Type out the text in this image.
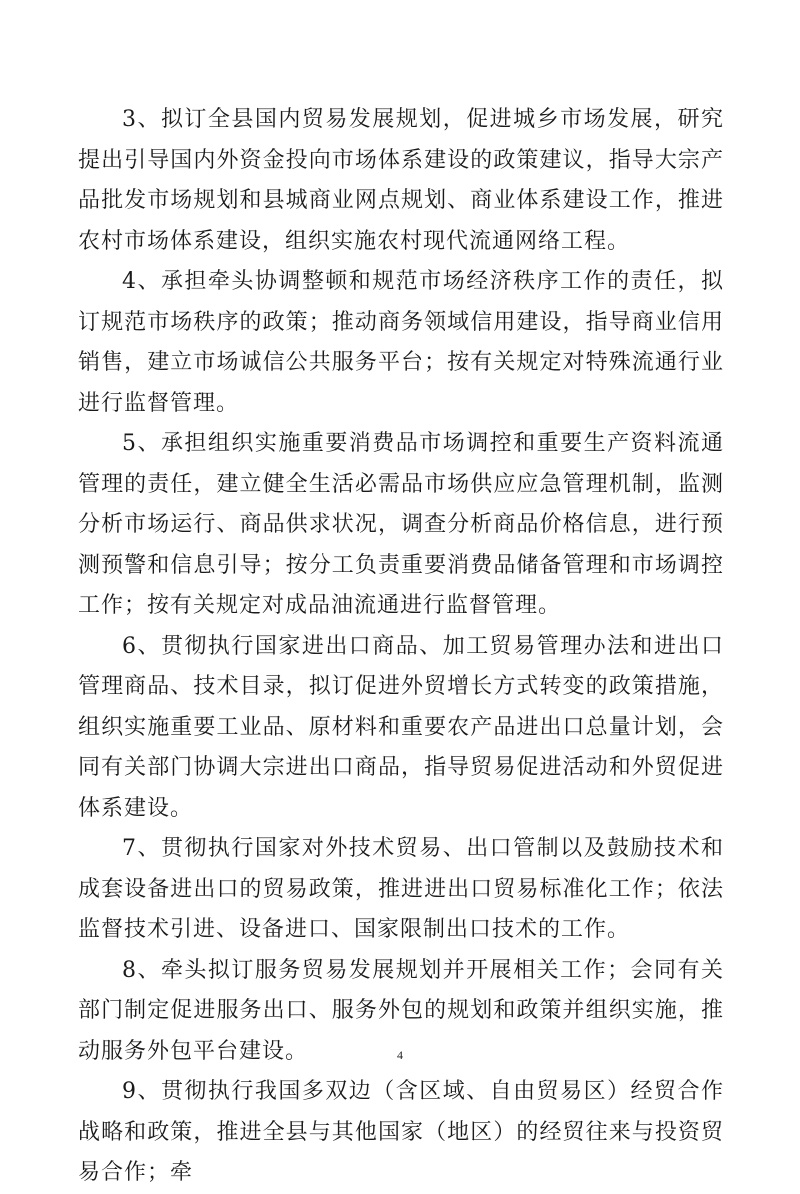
3、拟订全县国内贸易发展规划，促进城乡市场发展，研究提出引导国内外资金投向市场体系建设的政策建议，指导大宗产品批发市场规划和县城商业网点规划、商业体系建设工作，推进农村市场体系建设，组织实施农村现代流通网络工程。

4、承担牵头协调整顿和规范市场经济秩序工作的责任，拟订规范市场秩序的政策；推动商务领域信用建设，指导商业信用销售，建立市场诚信公共服务平台；按有关规定对特殊流通行业进行监督管理。

5、承担组织实施重要消费品市场调控和重要生产资料流通管理的责任，建立健全生活必需品市场供应应急管理机制，监测分析市场运行、商品供求状况，调查分析商品价格信息，进行预测预警和信息引导；按分工负责重要消费品储备管理和市场调控工作；按有关规定对成品油流通进行监督管理。

6、贯彻执行国家进出口商品、加工贸易管理办法和进出口管理商品、技术目录，拟订促进外贸增长方式转变的政策措施，组织实施重要工业品、原材料和重要农产品进出口总量计划，会同有关部门协调大宗进出口商品，指导贸易促进活动和外贸促进体系建设。

7、贯彻执行国家对外技术贸易、出口管制以及鼓励技术和成套设备进出口的贸易政策，推进进出口贸易标准化工作；依法监督技术引进、设备进口、国家限制出口技术的工作。

8、牵头拟订服务贸易发展规划并开展相关工作；会同有关部门制定促进服务出口、服务外包的规划和政策并组织实施，推动服务外包平台建设。

9、贯彻执行我国多双边（含区域、自由贸易区）经贸合作战略和政策，推进全县与其他国家（地区）的经贸往来与投资贸易合作；牵

4
